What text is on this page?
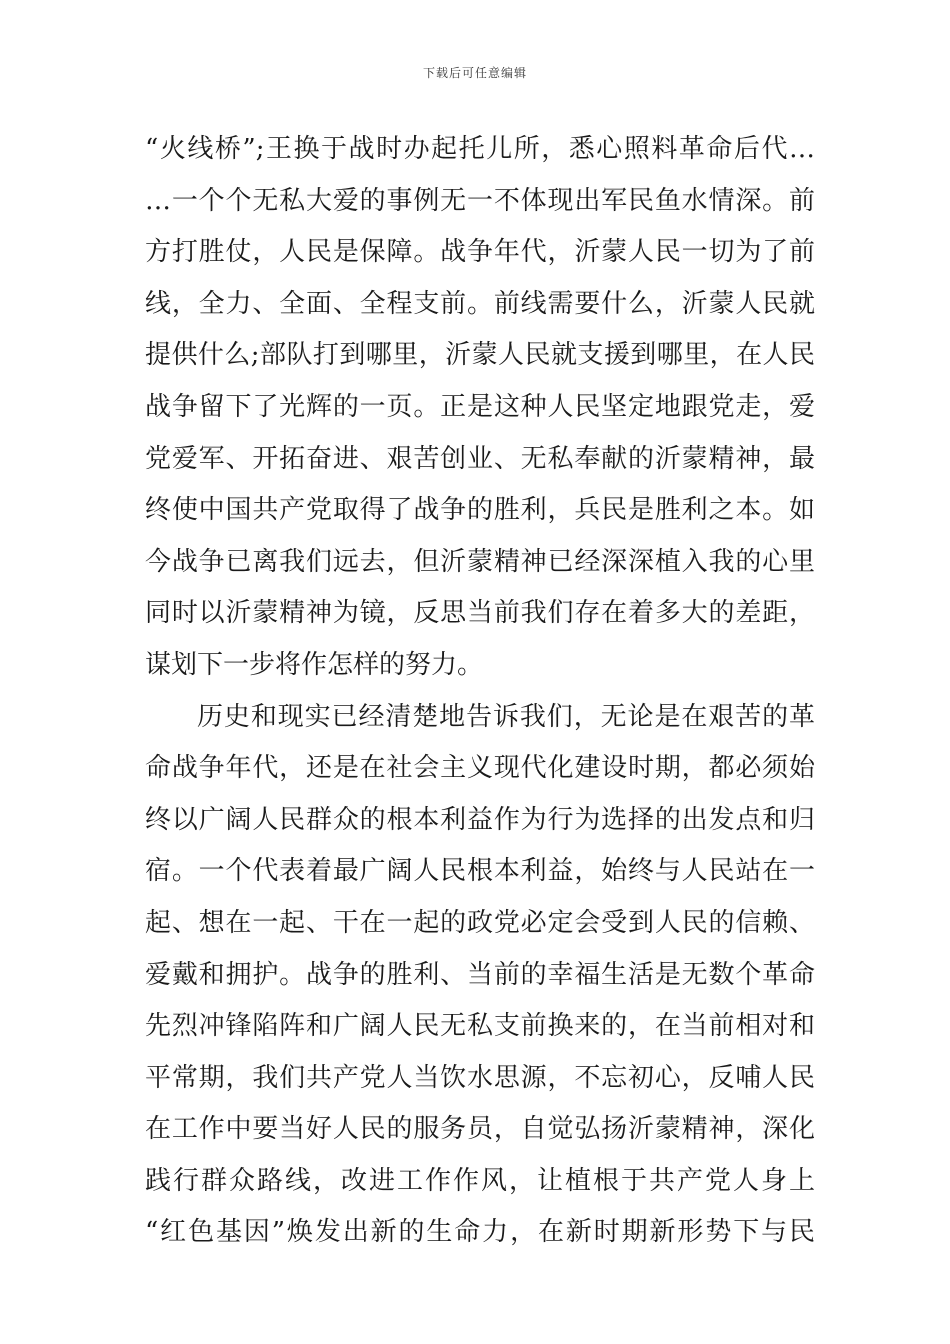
下载后可任意编辑
“火线桥”;王换于战时办起托儿所，悉心照料革命后代…
…一个个无私大爱的事例无一不体现出军民鱼水情深。前
方打胜仗，人民是保障。战争年代，沂蒙人民一切为了前
线，全力、全面、全程支前。前线需要什么，沂蒙人民就
提供什么;部队打到哪里，沂蒙人民就支援到哪里，在人民
战争留下了光辉的一页。正是这种人民坚定地跟党走，爱
党爱军、开拓奋进、艰苦创业、无私奉献的沂蒙精神，最
终使中国共产党取得了战争的胜利，兵民是胜利之本。如
今战争已离我们远去，但沂蒙精神已经深深植入我的心里
同时以沂蒙精神为镜，反思当前我们存在着多大的差距，
谋划下一步将作怎样的努力。
历史和现实已经清楚地告诉我们，无论是在艰苦的革
命战争年代，还是在社会主义现代化建设时期，都必须始
终以广阔人民群众的根本利益作为行为选择的出发点和归
宿。一个代表着最广阔人民根本利益，始终与人民站在一
起、想在一起、干在一起的政党必定会受到人民的信赖、
爱戴和拥护。战争的胜利、当前的幸福生活是无数个革命
先烈冲锋陷阵和广阔人民无私支前换来的，在当前相对和
平常期，我们共产党人当饮水思源，不忘初心，反哺人民
在工作中要当好人民的服务员，自觉弘扬沂蒙精神，深化
践行群众路线，改进工作作风，让植根于共产党人身上
“红色基因”焕发出新的生命力，在新时期新形势下与民
